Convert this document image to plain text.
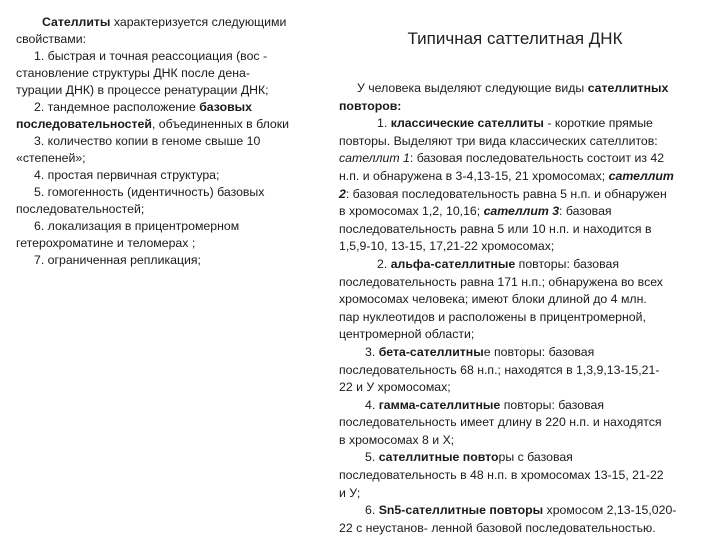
Сателлиты характеризуется следующими

свойствами:

1. быстрая и точная реассоциация (вос -

становление структуры ДНК после дена-

турации ДНК) в процессе ренатурации ДНК;

2. тандемное расположение базовых

последовательностей, объединенных в блоки

3. количество копии в геноме свыше 10

«степеней»;

4. простая первичная структура;

5. гомогенность (идентичность) базовых

последовательностей;

6. локализация в прицентромерном

гетерохроматине и теломерах ;

7. ограниченная репликация;

Типичная саттелитная ДНК

У человека выделяют следующие виды сателлитных

повторов:

1. классические сателлиты - короткие прямые

повторы. Выделяют три вида классических сателлитов:

сателлит 1: базовая последовательность состоит из 42

н.п. и обнаружена в 3-4,13-15, 21 хромосомах; сателлит

2: базовая последовательность равна 5 н.п. и обнаружен

в хромосомах 1,2, 10,16; сателлит 3: базовая

последовательность равна 5 или 10 н.п. и находится в

1,5,9-10, 13-15, 17,21-22 хромосомах;

2. альфа-сателлитные повторы: базовая

последовательность равна 171 н.п.; обнаружена во всех

хромосомах человека; имеют блоки длиной до 4 млн.

пар нуклеотидов и расположены в прицентромерной,

центромерной области;

3. бета-сателлитные повторы: базовая

последовательность 68 н.п.; находятся в 1,3,9,13-15,21-

22 и У хромосомах;

4. гамма-сателлитные повторы: базовая

последовательность имеет длину в 220 н.п. и находятся

в хромосомах 8 и Х;

5. сателлитные повторы с базовая

последовательность в 48 н.п. в хромосомах 13-15, 21-22

и У;

6. Sn5-сателлитные повторы хромосом 2,13-15,020-

22 с неустанов- ленной базовой последовательностью.
